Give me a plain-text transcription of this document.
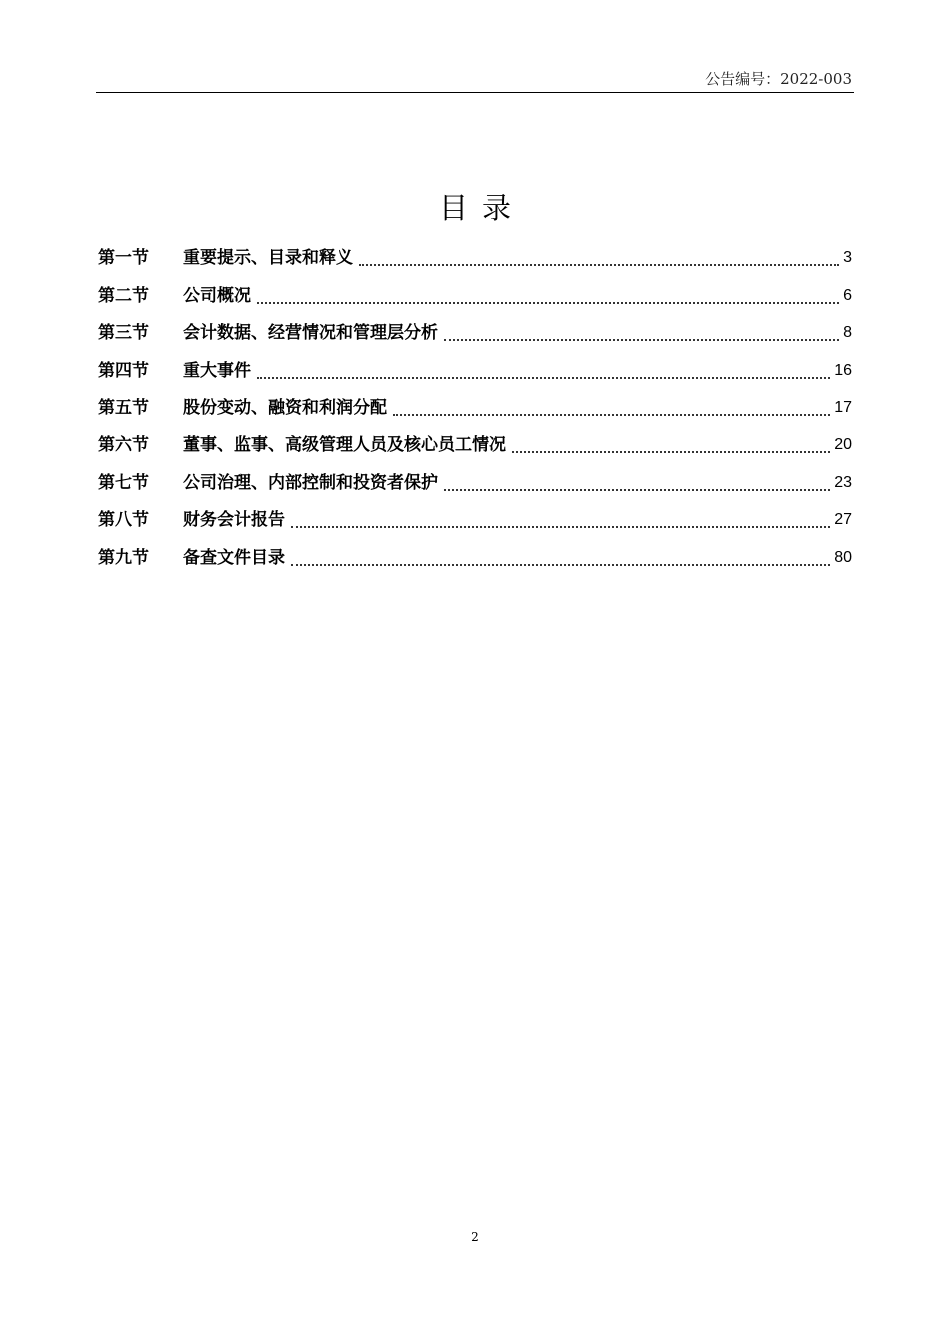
公告编号：2022-003
目录
第一节	重要提示、目录和释义	3
第二节	公司概况	6
第三节	会计数据、经营情况和管理层分析	8
第四节	重大事件	16
第五节	股份变动、融资和利润分配	17
第六节	董事、监事、高级管理人员及核心员工情况	20
第七节	公司治理、内部控制和投资者保护	23
第八节	财务会计报告	27
第九节	备查文件目录	80
2
